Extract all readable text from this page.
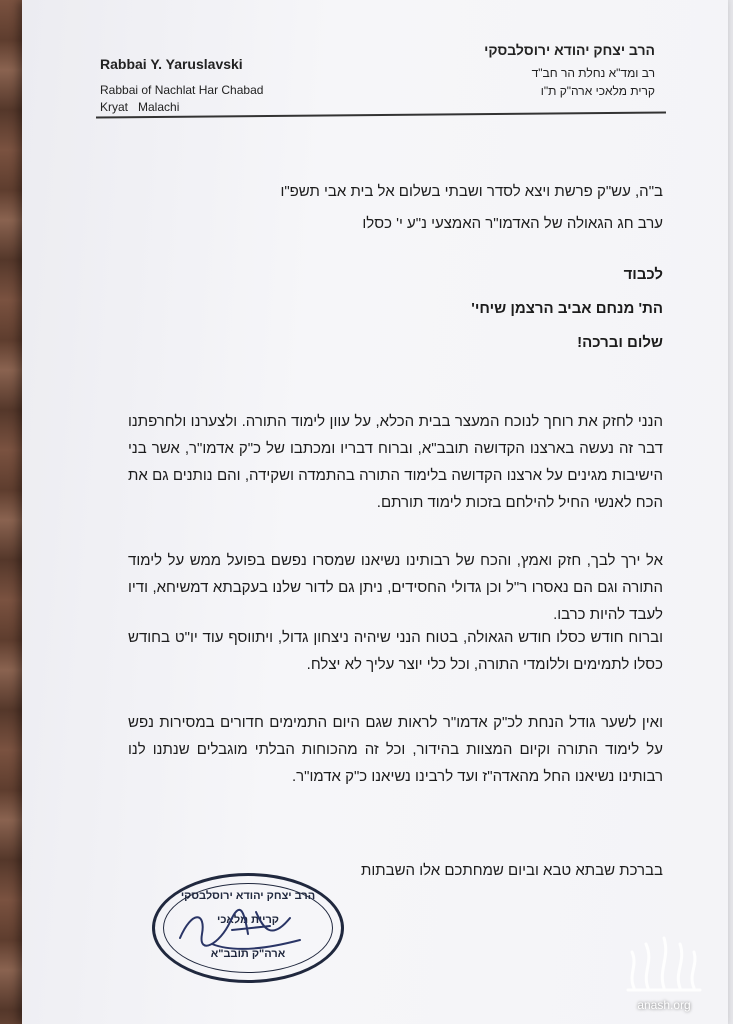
Rabbai Y. Yaruslavski
Rabbai of Nachlat Har Chabad
Kryat   Malachi
הרב יצחק יהודא ירוסלבסקי
רב ומד"א נחלת הר חב"ד
קרית מלאכי ארה"ק ת"ו
ב"ה, עש"ק פרשת ויצא לסדר ושבתי בשלום אל בית אבי תשפ"ו
ערב חג הגאולה של האדמו"ר האמצעי נ"ע י' כסלו
לכבוד
הת' מנחם אביב הרצמן שיחי'
שלום וברכה!
הנני לחזק את רוחך לנוכח המעצר בבית הכלא, על עוון לימוד התורה. ולצערנו ולחרפתנו דבר זה נעשה בארצנו הקדושה תובב"א, וברוח דבריו ומכתבו של כ"ק אדמו"ר, אשר בני הישיבות מגינים על ארצנו הקדושה בלימוד התורה בהתמדה ושקידה, והם נותנים גם את הכח לאנשי החיל להילחם בזכות לימוד תורתם.
אל ירך לבך, חזק ואמץ, והכח של רבותינו נשיאנו שמסרו נפשם בפועל ממש על לימוד התורה וגם הם נאסרו ר"ל וכן גדולי החסידים, ניתן גם לדור שלנו בעקבתא דמשיחא, ודיו לעבד להיות כרבו.
וברוח חודש כסלו חודש הגאולה, בטוח הנני שיהיה ניצחון גדול, ויתווסף עוד יו"ט בחודש כסלו לתמימים וללומדי התורה, וכל כלי יוצר עליך לא יצלח.
ואין לשער גודל הנחת לכ"ק אדמו"ר לראות שגם היום התמימים חדורים במסירות נפש על לימוד התורה וקיום המצוות בהידור, וכל זה מהכוחות הבלתי מוגבלים שנתנו לנו רבותינו נשיאנו החל מהאדה"ז ועד לרבינו נשיאנו כ"ק אדמו"ר.
בברכת שבתא טבא וביום שמחתכם אלו השבתות
הרב יצחק יהודא ירוסלבסקי
קריית מלאכי
ארה"ק תובב"א
anash.org
